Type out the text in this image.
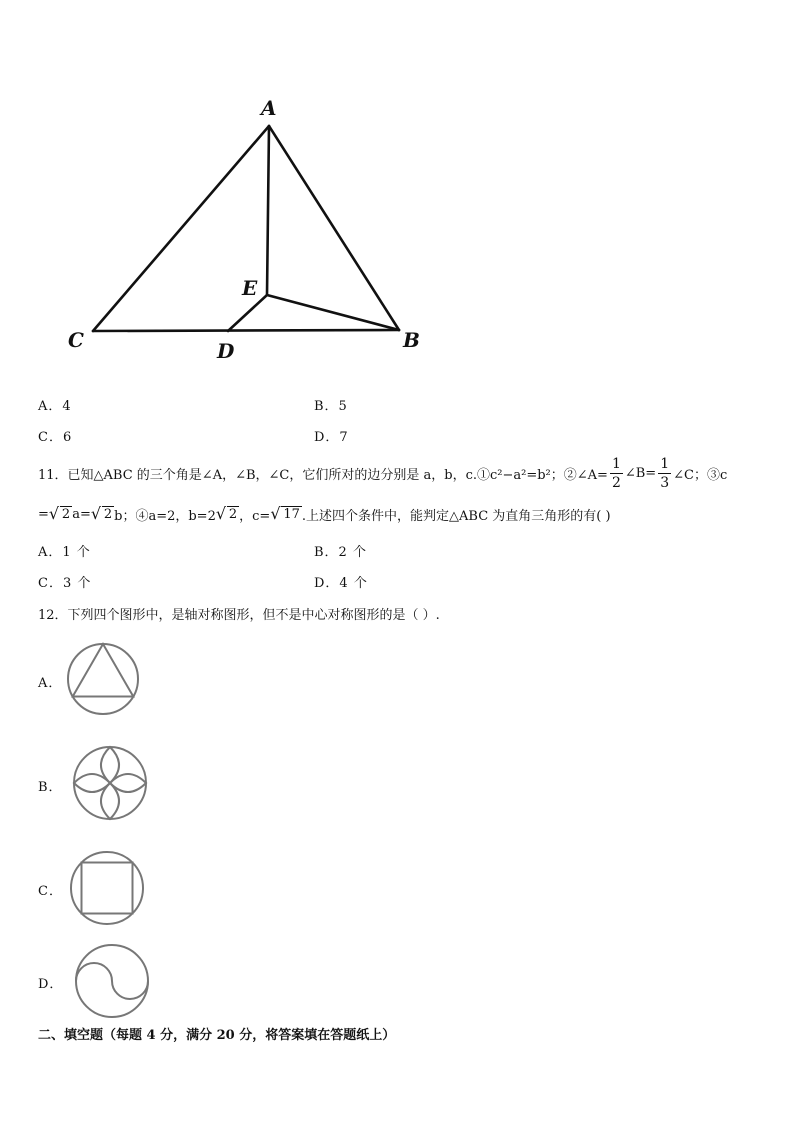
A
E
C	D	B
A．4	B．5
C．6	D．7
11．已知△ABC 的三个角是∠A，∠B，∠C，它们所对的边分别是 a，b，c.①c²−a²=b²；②∠A= $\frac{1}{2}$ ∠B= $\frac{1}{3}$ ∠C；③c
=	√ 2 a=	√ 2 b；④a=2，b=2	√ 2 ，c=	√ 17 .上述四个条件中，能判定△ABC 为直角三角形的有( )
A．1 个	B．2 个
C．3 个	D．4 个
12．下列四个图形中，是轴对称图形，但不是中心对称图形的是（ ）.
A．
B．
C．
D．
二、填空题（每题 4 分，满分 20 分，将答案填在答题纸上）
